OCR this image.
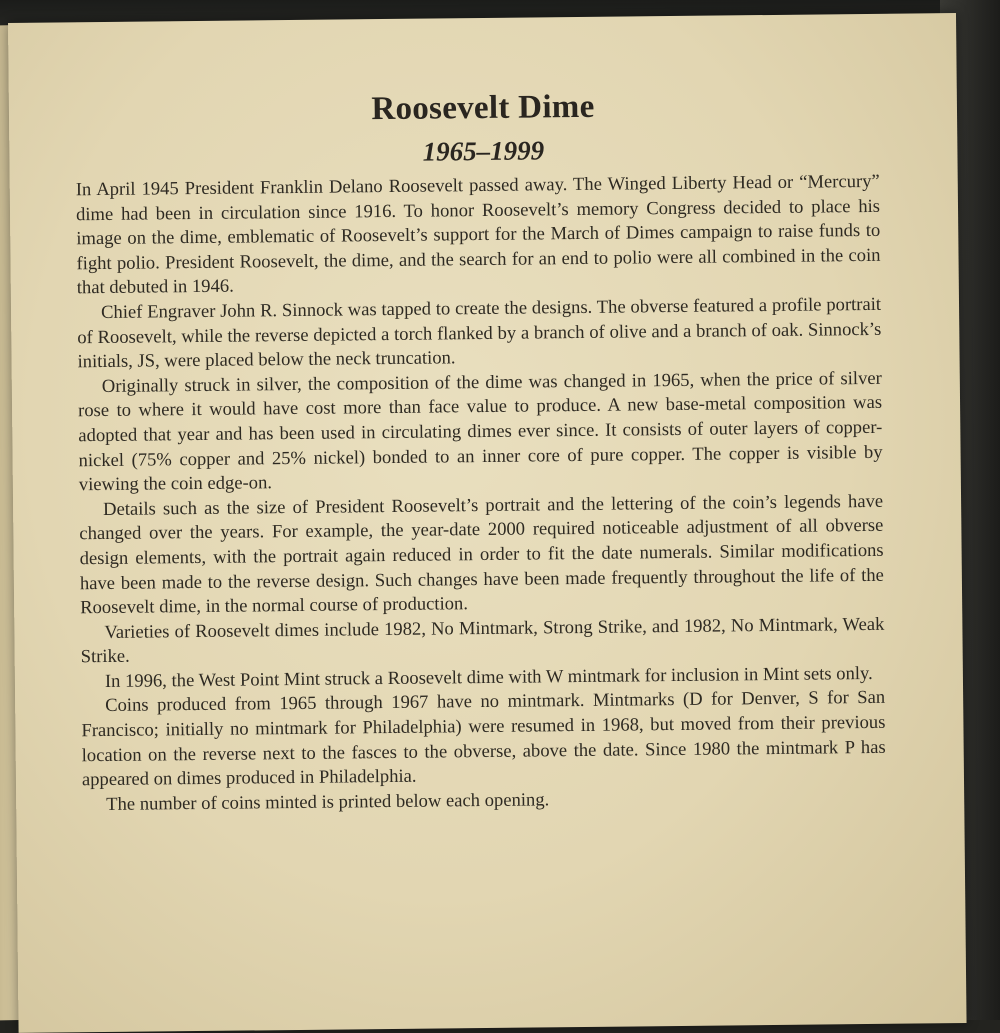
Roosevelt Dime
1965–1999

In April 1945 President Franklin Delano Roosevelt passed away. The Winged Liberty Head or “Mercury” dime had been in circulation since 1916. To honor Roosevelt’s memory Congress decided to place his image on the dime, emblematic of Roosevelt’s support for the March of Dimes campaign to raise funds to fight polio. President Roosevelt, the dime, and the search for an end to polio were all combined in the coin that debuted in 1946.

Chief Engraver John R. Sinnock was tapped to create the designs. The obverse featured a profile portrait of Roosevelt, while the reverse depicted a torch flanked by a branch of olive and a branch of oak. Sinnock’s initials, JS, were placed below the neck truncation.

Originally struck in silver, the composition of the dime was changed in 1965, when the price of silver rose to where it would have cost more than face value to produce. A new base-metal composition was adopted that year and has been used in circulating dimes ever since. It consists of outer layers of copper-nickel (75% copper and 25% nickel) bonded to an inner core of pure copper. The copper is visible by viewing the coin edge-on.

Details such as the size of President Roosevelt’s portrait and the lettering of the coin’s legends have changed over the years. For example, the year-date 2000 required noticeable adjustment of all obverse design elements, with the portrait again reduced in order to fit the date numerals. Similar modifications have been made to the reverse design. Such changes have been made frequently throughout the life of the Roosevelt dime, in the normal course of production.

Varieties of Roosevelt dimes include 1982, No Mintmark, Strong Strike, and 1982, No Mintmark, Weak Strike.

In 1996, the West Point Mint struck a Roosevelt dime with W mintmark for inclusion in Mint sets only.

Coins produced from 1965 through 1967 have no mintmark. Mintmarks (D for Denver, S for San Francisco; initially no mintmark for Philadelphia) were resumed in 1968, but moved from their previous location on the reverse next to the fasces to the obverse, above the date. Since 1980 the mintmark P has appeared on dimes produced in Philadelphia.

The number of coins minted is printed below each opening.
